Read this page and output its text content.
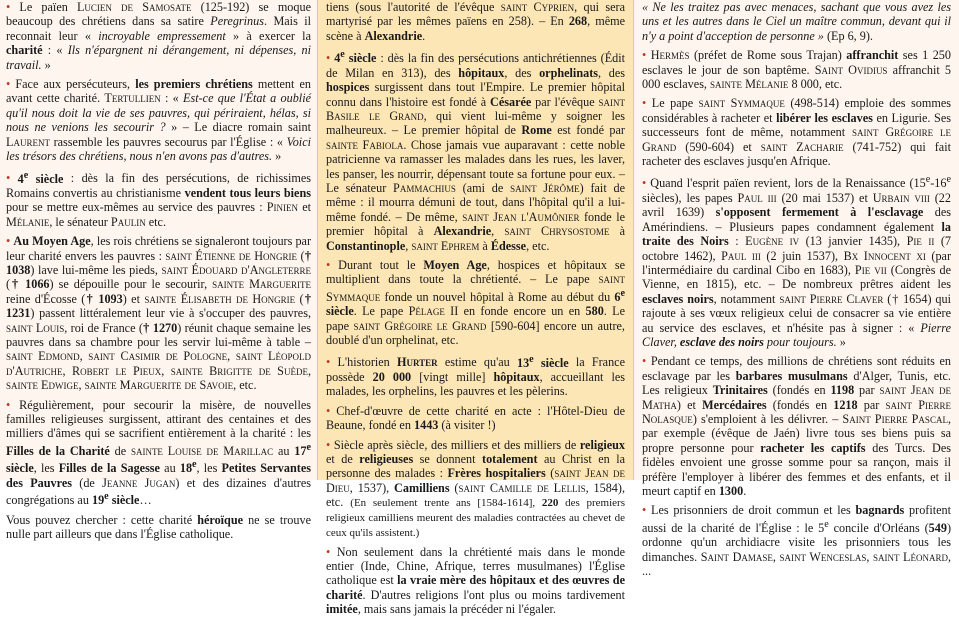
• Le païen Lucien de Samosate (125-192) se moque beaucoup des chrétiens dans sa satire Peregrinus. Mais il reconnait leur « incroyable empressement » à exercer la charité : « Ils n'épargnent ni dérangement, ni dépenses, ni travail. »

• Face aux persécuteurs, les premiers chrétiens mettent en avant cette charité. Tertullien : « Est-ce que l'État a oublié qu'il nous doit la vie de ses pauvres, qui périraient, hélas, si nous ne venions les secourir ? » – Le diacre romain saint Laurent rassemble les pauvres secourus par l'Église : « Voici les trésors des chrétiens, nous n'en avons pas d'autres. »

• 4e siècle : dès la fin des persécutions, de richissimes Romains convertis au christianisme vendent tous leurs biens pour se mettre eux-mêmes au service des pauvres : Pinien et Mélanie, le sénateur Paulin etc.

• Au Moyen Age, les rois chrétiens se signaleront toujours par leur charité envers les pauvres : saint Étienne de Hongrie († 1038) lave lui-même les pieds, saint Édouard d'Angleterre († 1066) se dépouille pour le secourir, sainte Marguerite reine d'Écosse († 1093) et sainte Élisabeth de Hongrie († 1231) passent littéralement leur vie à s'occuper des pauvres, saint Louis, roi de France († 1270) réunit chaque semaine les pauvres dans sa chambre pour les servir lui-même à table – saint Edmond, saint Casimir de Pologne, saint Léopold d'Autriche, Robert le Pieux, sainte Brigitte de Suède, sainte Edwige, sainte Marguerite de Savoie, etc.

• Régulièrement, pour secourir la misère, de nouvelles familles religieuses surgissent, attirant des centaines et des milliers d'âmes qui se sacrifient entièrement à la charité : les Filles de la Charité de sainte Louise de Marillac au 17e siècle, les Filles de la Sagesse au 18e, les Petites Servantes des Pauvres (de Jeanne Jugan) et des dizaines d'autres congrégations au 19e siècle…

Vous pouvez chercher : cette charité héroïque ne se trouve nulle part ailleurs que dans l'Église catholique.

tiens (sous l'autorité de l'évêque saint Cyprien, qui sera martyrisé par les mêmes païens en 258). – En 268, même scène à Alexandrie.

• 4e siècle : dès la fin des persécutions antichrétiennes (Édit de Milan en 313), des hôpitaux, des orphelinats, des hospices surgissent dans tout l'Empire. Le premier hôpital connu dans l'histoire est fondé à Césarée par l'évêque saint Basile le Grand, qui vient lui-même y soigner les malheureux. – Le premier hôpital de Rome est fondé par sainte Fabiola. Chose jamais vue auparavant : cette noble patricienne va ramasser les malades dans les rues, les laver, les panser, les nourrir, dépensant toute sa fortune pour eux. – Le sénateur Pammachius (ami de saint Jérôme) fait de même : il mourra démuni de tout, dans l'hôpital qu'il a lui-même fondé. – De même, saint Jean l'Aumônier fonde le premier hôpital à Alexandrie, saint Chrysostome à Constantinople, saint Ephrem à Édesse, etc.

• Durant tout le Moyen Age, hospices et hôpitaux se multiplient dans toute la chrétienté. – Le pape saint Symmaque fonde un nouvel hôpital à Rome au début du 6e siècle. Le pape Pélage II en fonde encore un en 580. Le pape saint Grégoire le Grand [590-604] encore un autre, doublé d'un orphelinat, etc.

• L'historien Hurter estime qu'au 13e siècle la France possède 20 000 [vingt mille] hôpitaux, accueillant les malades, les orphelins, les pauvres et les pèlerins.

• Chef-d'œuvre de cette charité en acte : l'Hôtel-Dieu de Beaune, fondé en 1443 (à visiter !)

• Siècle après siècle, des milliers et des milliers de religieux et de religieuses se donnent totalement au Christ en la personne des malades : Frères hospitaliers (saint Jean de Dieu, 1537), Camilliens (saint Camille de Lellis, 1584), etc. (En seulement trente ans [1584-1614], 220 des premiers religieux camilliens meurent des maladies contractées au chevet de ceux qu'ils assistent.)

• Non seulement dans la chrétienté mais dans le monde entier (Inde, Chine, Afrique, terres musulmanes) l'Église catholique est la vraie mère des hôpitaux et des œuvres de charité. D'autres religions l'ont plus ou moins tardivement imitée, mais sans jamais la précéder ni l'égaler.

« Ne les traitez pas avec menaces, sachant que vous avez les uns et les autres dans le Ciel un maître commun, devant qui il n'y a point d'acception de personne » (Ep 6, 9).

• Hermès (préfet de Rome sous Trajan) affranchit ses 1 250 esclaves le jour de son baptême. Saint Ovidius affranchit 5 000 esclaves, sainte Mélanie 8 000, etc.

• Le pape saint Symmaque (498-514) emploie des sommes considérables à racheter et libérer les esclaves en Ligurie. Ses successeurs font de même, notamment saint Grégoire le Grand (590-604) et saint Zacharie (741-752) qui fait racheter des esclaves jusqu'en Afrique.

• Quand l'esprit païen revient, lors de la Renaissance (15e-16e siècles), les papes Paul iii (20 mai 1537) et Urbain viii (22 avril 1639) s'opposent fermement à l'esclavage des Amérindiens. – Plusieurs papes condamnent également la traite des Noirs : Eugène iv (13 janvier 1435), Pie ii (7 octobre 1462), Paul iii (2 juin 1537), Bx Innocent xi (par l'intermédiaire du cardinal Cibo en 1683), Pie vii (Congrès de Vienne, en 1815), etc. – De nombreux prêtres aident les esclaves noirs, notamment saint Pierre Claver († 1654) qui rajoute à ses vœux religieux celui de consacrer sa vie entière au service des esclaves, et n'hésite pas à signer : « Pierre Claver, esclave des noirs pour toujours. »

• Pendant ce temps, des millions de chrétiens sont réduits en esclavage par les barbares musulmans d'Alger, Tunis, etc. Les religieux Trinitaires (fondés en 1198 par saint Jean de Matha) et Mercédaires (fondés en 1218 par saint Pierre Nolasque) s'emploient à les délivrer. – Saint Pierre Pascal, par exemple (évêque de Jaén) livre tous ses biens puis sa propre personne pour racheter les captifs des Turcs. Des fidèles envoient une grosse somme pour sa rançon, mais il préfère l'employer à libérer des femmes et des enfants, et il meurt captif en 1300.

• Les prisonniers de droit commun et les bagnards profitent aussi de la charité de l'Église : le 5e concile d'Orléans (549) ordonne qu'un archidiacre visite les prisonniers tous les dimanches. Saint Damase, saint Wenceslas, saint Léonard, ...
